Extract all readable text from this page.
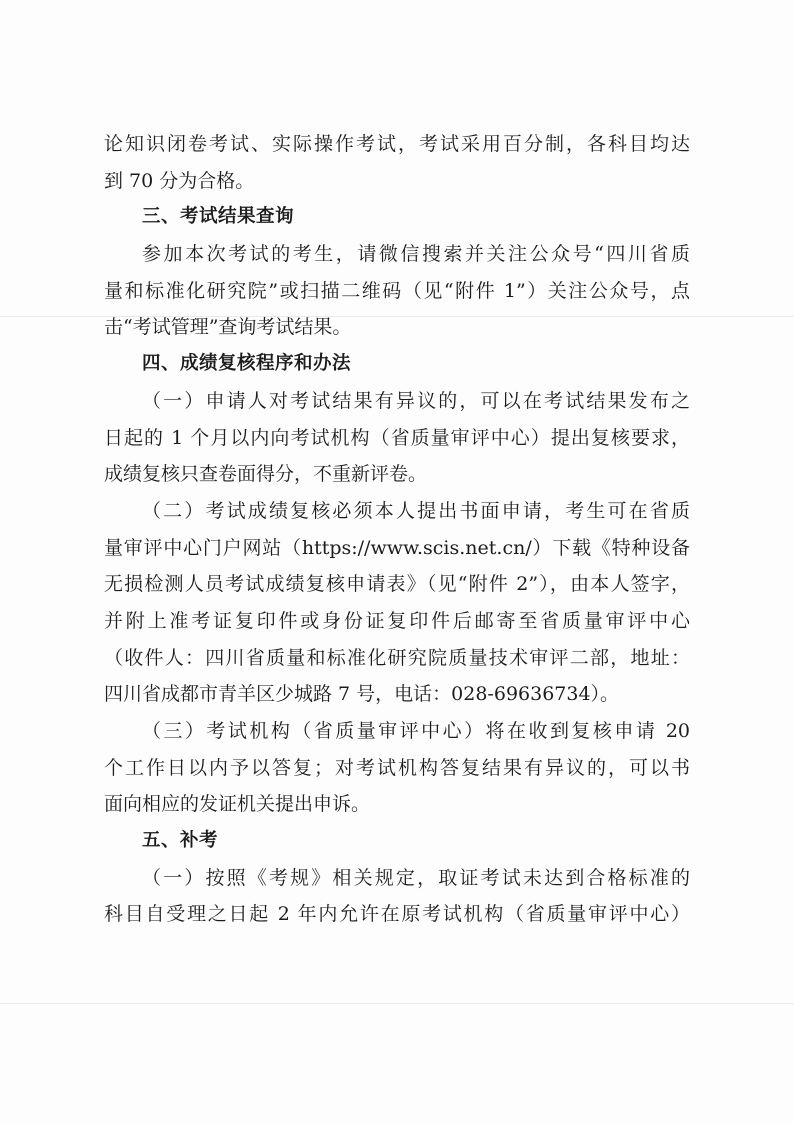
论知识闭卷考试、实际操作考试，考试采用百分制，各科目均达
到 70 分为合格。
三、考试结果查询
参加本次考试的考生，请微信搜索并关注公众号“四川省质
量和标准化研究院”或扫描二维码（见“附件 1”）关注公众号，点
击“考试管理”查询考试结果。
四、成绩复核程序和办法
（一）申请人对考试结果有异议的，可以在考试结果发布之
日起的 1 个月以内向考试机构（省质量审评中心）提出复核要求，
成绩复核只查卷面得分，不重新评卷。
（二）考试成绩复核必须本人提出书面申请，考生可在省质
量审评中心门户网站（https://www.scis.net.cn/）下载《特种设备
无损检测人员考试成绩复核申请表》（见“附件 2”），由本人签字，
并附上准考证复印件或身份证复印件后邮寄至省质量审评中心
（收件人：四川省质量和标准化研究院质量技术审评二部，地址：
四川省成都市青羊区少城路 7 号，电话：028-69636734）。
（三）考试机构（省质量审评中心）将在收到复核申请 20
个工作日以内予以答复；对考试机构答复结果有异议的，可以书
面向相应的发证机关提出申诉。
五、补考
（一）按照《考规》相关规定，取证考试未达到合格标准的
科目自受理之日起 2 年内允许在原考试机构（省质量审评中心）
